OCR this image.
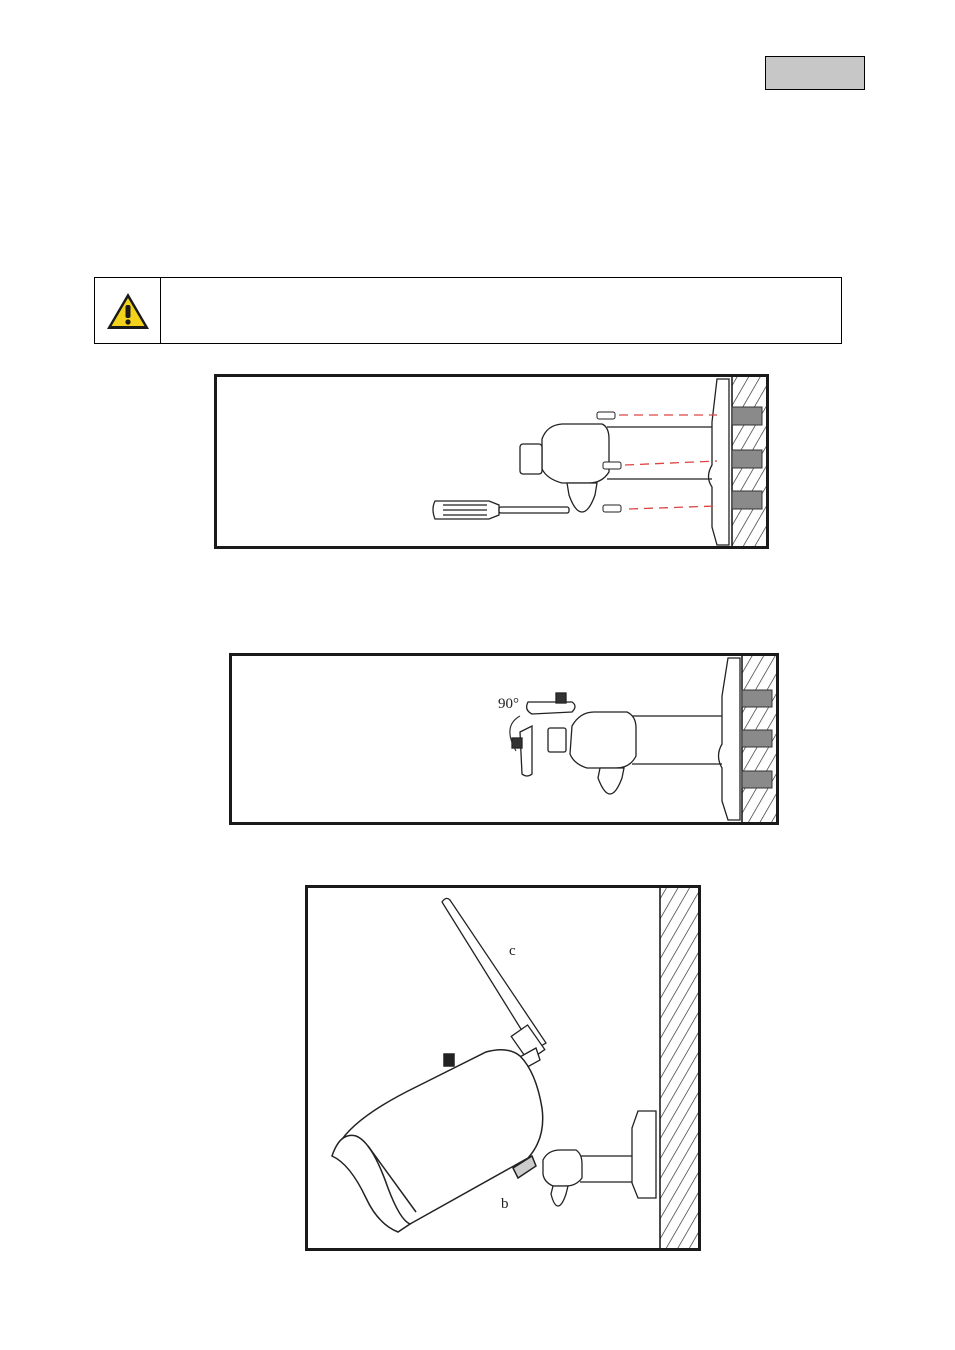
90°
c
b
